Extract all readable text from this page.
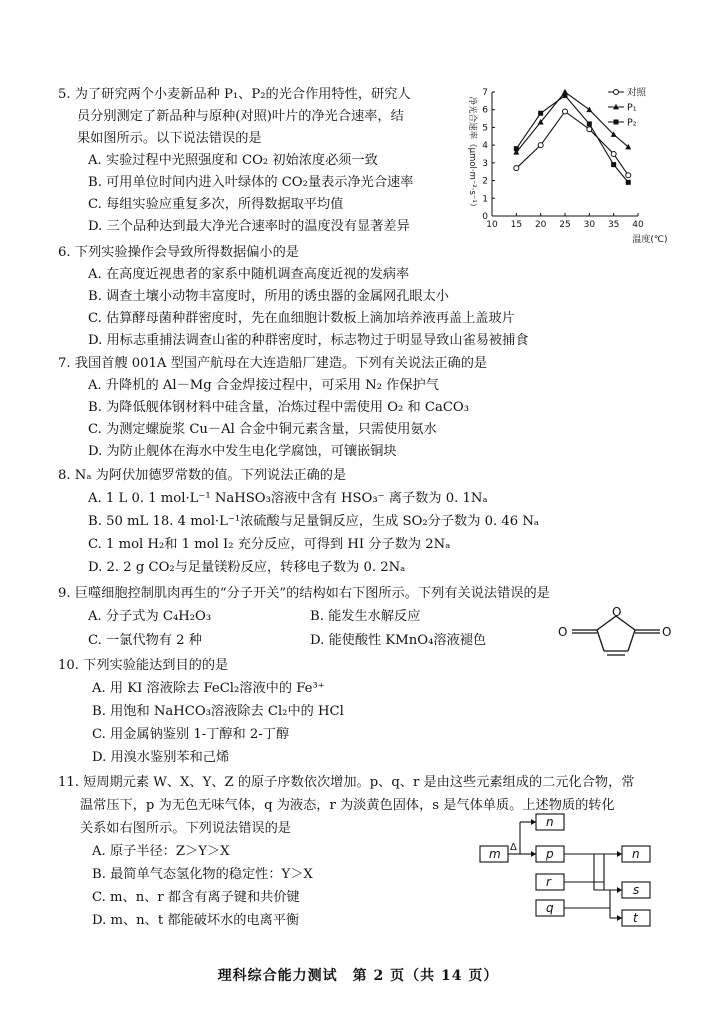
5. 为了研究两个小麦新品种 P₁、P₂的光合作用特性，研究人
员分别测定了新品种与原种(对照)叶片的净光合速率，结
果如图所示。以下说法错误的是
A. 实验过程中光照强度和 CO₂ 初始浓度必须一致
B. 可用单位时间内进入叶绿体的 CO₂量表示净光合速率
C. 每组实验应重复多次，所得数据取平均值
D. 三个品种达到最大净光合速率时的温度没有显著差异	10 15 20 25 30 35 40
0
1
2
3
4
5
6
7
温度(℃)
净光合速率（μmol·m⁻²·s⁻¹）
对照
P₁
P₂
6. 下列实验操作会导致所得数据偏小的是
A. 在高度近视患者的家系中随机调查高度近视的发病率
B. 调查土壤小动物丰富度时，所用的诱虫器的金属网孔眼太小
C. 估算酵母菌种群密度时，先在血细胞计数板上滴加培养液再盖上盖玻片
D. 用标志重捕法调查山雀的种群密度时，标志物过于明显导致山雀易被捕食
7. 我国首艘 001A 型国产航母在大连造船厂建造。下列有关说法正确的是
A. 升降机的 Al－Mg 合金焊接过程中，可采用 N₂ 作保护气
B. 为降低舰体钢材料中硅含量，冶炼过程中需使用 O₂ 和 CaCO₃
C. 为测定螺旋浆 Cu－Al 合金中铜元素含量，只需使用氨水
D. 为防止舰体在海水中发生电化学腐蚀，可镶嵌铜块
8. Nₐ 为阿伏加德罗常数的值。下列说法正确的是
A. 1 L 0. 1 mol·L⁻¹ NaHSO₃溶液中含有 HSO₃⁻ 离子数为 0. 1Nₐ
B. 50 mL 18. 4 mol·L⁻¹浓硫酸与足量铜反应，生成 SO₂分子数为 0. 46 Nₐ
C. 1 mol H₂和 1 mol I₂ 充分反应，可得到 HI 分子数为 2Nₐ
D. 2. 2 g CO₂与足量镁粉反应，转移电子数为 0. 2Nₐ
9. 巨噬细胞控制肌肉再生的“分子开关”的结构如右下图所示。下列有关说法错误的是
A. 分子式为 C₄H₂O₃	B. 能发生水解反应
C. 一氯代物有 2 种	D. 能使酸性 KMnO₄溶液褪色
O
O	O
10. 下列实验能达到目的的是
A. 用 KI 溶液除去 FeCl₂溶液中的 Fe³⁺
B. 用饱和 NaHCO₃溶液除去 Cl₂中的 HCl
C. 用金属钠鉴别 1-丁醇和 2-丁醇
D. 用溴水鉴别苯和己烯
11. 短周期元素 W、X、Y、Z 的原子序数依次增加。p、q、r 是由这些元素组成的二元化合物，常
温常压下，p 为无色无味气体，q 为液态，r 为淡黄色固体，s 是气体单质。上述物质的转化
关系如右图所示。下列说法错误的是
A. 原子半径：Z＞Y＞X
B. 最简单气态氢化物的稳定性：Y＞X
C. m、n、r 都含有离子键和共价键
D. m、n、t 都能破坏水的电离平衡
m
n
p
r
q
n
s
t
Δ
理科综合能力测试　第 2 页（共 14 页）
